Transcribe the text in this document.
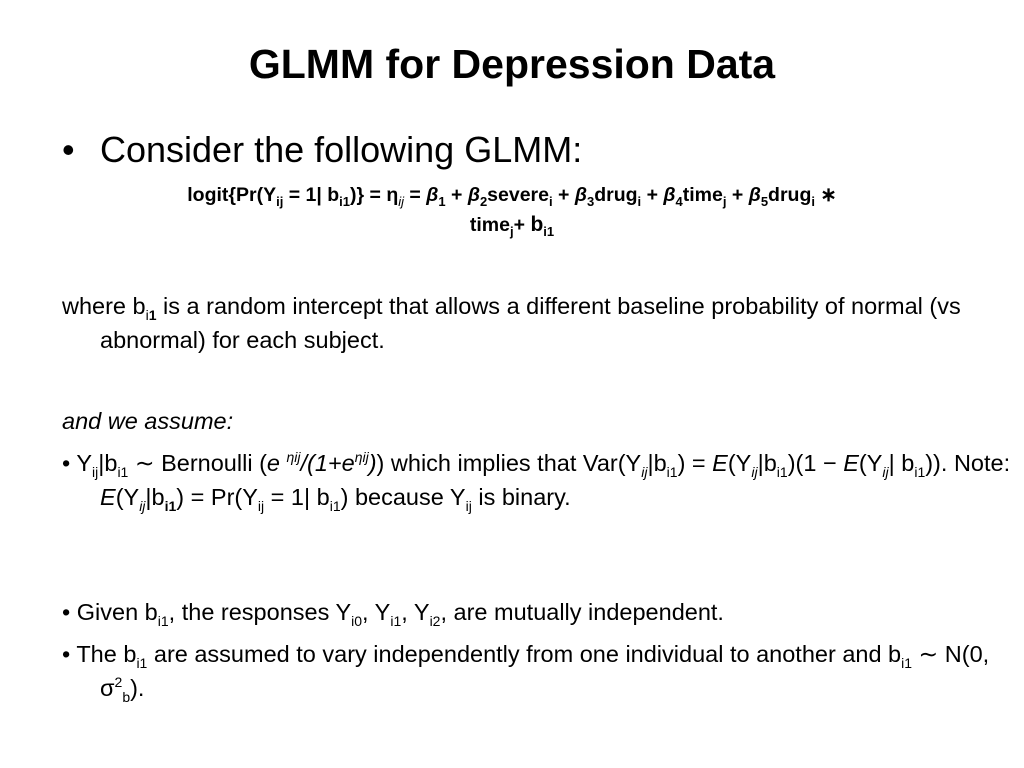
GLMM for Depression Data
• Consider the following GLMM:
$logit\{Pr(Y_{ij} = 1|$ $b_{i1})\} = \eta_{ij} = \beta_1$ + $\beta_2severe_i$ + $\beta_3drug_i$ + $\beta_4time_j$ + $\beta_5drug_i$ ∗
time$_j$+ $b_{i1}$
where $b_{i1}$ is a random intercept that allows a different baseline probability of normal (vs abnormal) for each subject.
and we assume:
• $Y_{ij}|b_{i1}$ ∼ Bernoulli (e $^{\eta ij}/(1+e^{\eta ij})$) which implies that $Var(Y_{ij}|b_{i1}) = E(Y_{ij}|b_{i1})(1 - E(Y_{ij}|$ $b_{i1}$)). Note: $E(Y_{ij}|b_{i1}) = Pr(Y_{ij} = 1|$ $b_{i1}$) because $Y_{ij}$ is binary.
• Given $b_{i1}$, the responses $Y_{i0}$, $Y_{i1}$, $Y_{i2}$, are mutually independent.
• The $b_{i1}$ are assumed to vary independently from one individual to another and $b_{i1}$ ∼ N(0, $\sigma^2_b$).
